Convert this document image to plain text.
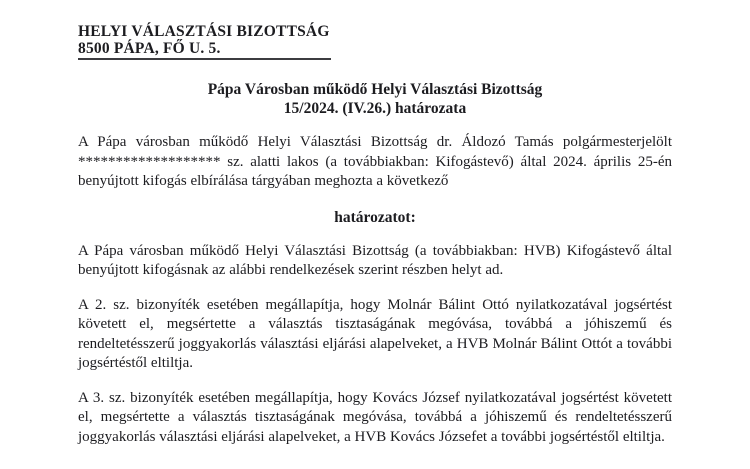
HELYI VÁLASZTÁSI BIZOTTSÁG
8500 PÁPA, FŐ U. 5.
Pápa Városban működő Helyi Választási Bizottság
15/2024. (IV.26.) határozata

A Pápa városban működő Helyi Választási Bizottság dr. Áldozó Tamás polgármesterjelölt ******************* sz. alatti lakos (a továbbiakban: Kifogástevő) által 2024. április 25-én benyújtott kifogás elbírálása tárgyában meghozta a következő

határozatot:

A Pápa városban működő Helyi Választási Bizottság (a továbbiakban: HVB) Kifogástevő által benyújtott kifogásnak az alábbi rendelkezések szerint részben helyt ad.

A 2. sz. bizonyíték esetében megállapítja, hogy Molnár Bálint Ottó nyilatkozatával jogsértést követett el, megsértette a választás tisztaságának megóvása, továbbá a jóhiszemű és rendeltetésszerű joggyakorlás választási eljárási alapelveket, a HVB Molnár Bálint Ottót a további jogsértéstől eltiltja.

A 3. sz. bizonyíték esetében megállapítja, hogy Kovács József nyilatkozatával jogsértést követett el, megsértette a választás tisztaságának megóvása, továbbá a jóhiszemű és rendeltetésszerű joggyakorlás választási eljárási alapelveket, a HVB Kovács Józsefet a további jogsértéstől eltiltja.
